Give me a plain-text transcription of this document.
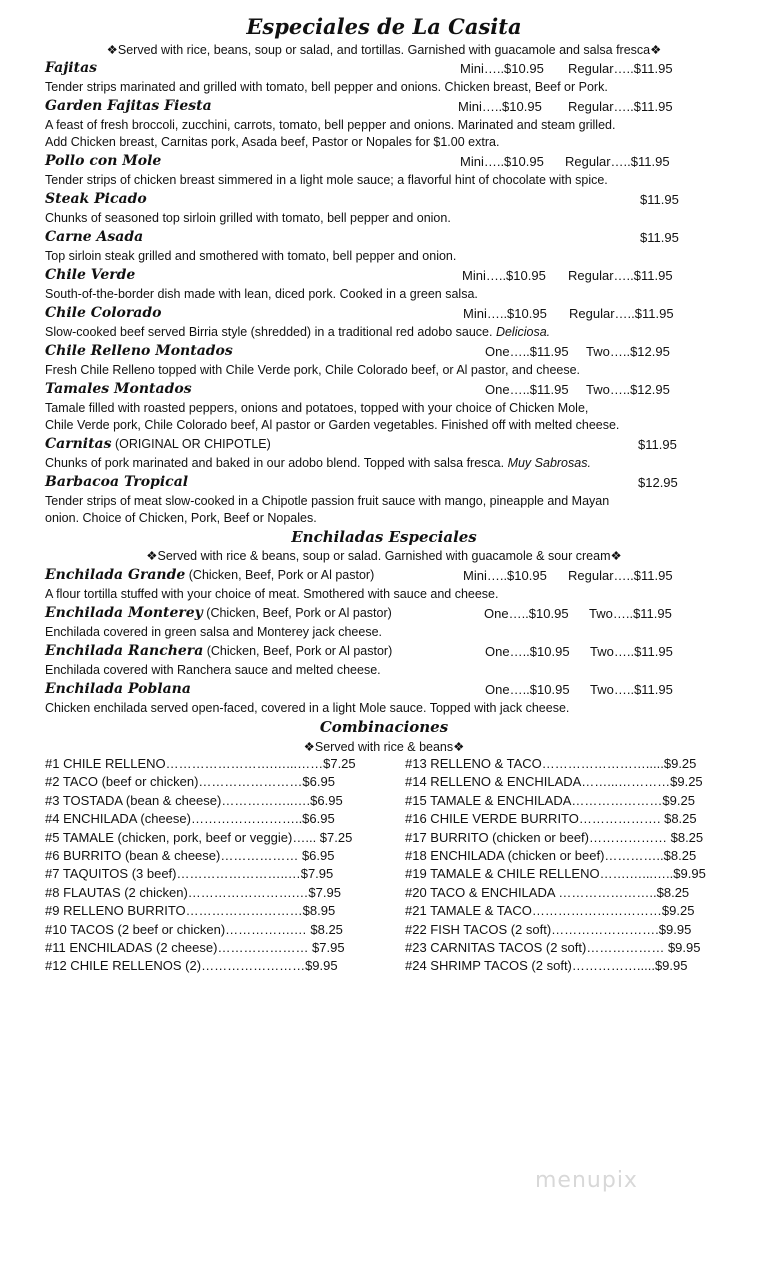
Especiales de La Casita
❖Served with rice, beans, soup or salad, and tortillas. Garnished with guacamole and salsa fresca❖
Fajitas	Mini…..$10.95 Regular…..$11.95
Tender strips marinated and grilled with tomato, bell pepper and onions. Chicken breast, Beef or Pork.
Garden Fajitas Fiesta	Mini…..$10.95 Regular…..$11.95
A feast of fresh broccoli, zucchini, carrots, tomato, bell pepper and onions. Marinated and steam grilled.
Add Chicken breast, Carnitas pork, Asada beef, Pastor or Nopales for $1.00 extra.
Pollo con Mole	Mini…..$10.95 Regular…..$11.95
Tender strips of chicken breast simmered in a light mole sauce; a flavorful hint of chocolate with spice.
Steak Picado	$11.95
Chunks of seasoned top sirloin grilled with tomato, bell pepper and onion.
Carne Asada	$11.95
Top sirloin steak grilled and smothered with tomato, bell pepper and onion.
Chile Verde	Mini…..$10.95 Regular…..$11.95
South-of-the-border dish made with lean, diced pork. Cooked in a green salsa.
Chile Colorado	Mini…..$10.95 Regular…..$11.95
Slow-cooked beef served Birria style (shredded) in a traditional red adobo sauce. Deliciosa.
Chile Relleno Montados	One…..$11.95 Two…..$12.95
Fresh Chile Relleno topped with Chile Verde pork, Chile Colorado beef, or Al pastor, and cheese.
Tamales Montados	One…..$11.95 Two…..$12.95
Tamale filled with roasted peppers, onions and potatoes, topped with your choice of Chicken Mole,
Chile Verde pork, Chile Colorado beef, Al pastor or Garden vegetables. Finished off with melted cheese.
Carnitas (ORIGINAL OR CHIPOTLE)	$11.95
Chunks of pork marinated and baked in our adobo blend. Topped with salsa fresca. Muy Sabrosas.
Barbacoa Tropical	$12.95
Tender strips of meat slow-cooked in a Chipotle passion fruit sauce with mango, pineapple and Mayan
onion. Choice of Chicken, Pork, Beef or Nopales.
Enchiladas Especiales
❖Served with rice & beans, soup or salad. Garnished with guacamole & sour cream❖
Enchilada Grande (Chicken, Beef, Pork or Al pastor)	Mini…..$10.95 Regular…..$11.95
A flour tortilla stuffed with your choice of meat. Smothered with sauce and cheese.
Enchilada Monterey (Chicken, Beef, Pork or Al pastor)	One…..$10.95 Two…..$11.95
Enchilada covered in green salsa and Monterey jack cheese.
Enchilada Ranchera (Chicken, Beef, Pork or Al pastor)	One…..$10.95 Two…..$11.95
Enchilada covered with Ranchera sauce and melted cheese.
Enchilada Poblana	One…..$10.95 Two…..$11.95
Chicken enchilada served open-faced, covered in a light Mole sauce. Topped with jack cheese.
Combinaciones
❖Served with rice & beans❖
#1 CHILE RELLENO…………………….…...……$7.25
#2 TACO (beef or chicken)……………………$6.95
#3 TOSTADA (bean & cheese)……………..….$6.95
#4 ENCHILADA (cheese)……………………..$6.95
#5 TAMALE (chicken, pork, beef or veggie)…... $7.25
#6 BURRITO (bean & cheese)……………… $6.95
#7 TAQUITOS (3 beef)……………………..…$7.95
#8 FLAUTAS (2 chicken)…………………….…$7.95
#9 RELLENO BURRITO………………………$8.95
#10 TACOS (2 beef or chicken)…………….… $8.25
#11 ENCHILADAS (2 cheese)………………… $7.95
#12 CHILE RELLENOS (2)……………………$9.95
#13 RELLENO & TACO…………………….....$9.25
#14 RELLENO & ENCHILADA……...…………$9.25
#15 TAMALE & ENCHILADA…………………$9.25
#16 CHILE VERDE BURRITO………………. $8.25
#17 BURRITO (chicken or beef)……………… $8.25
#18 ENCHILADA (chicken or beef)…………..$8.25
#19 TAMALE & CHILE RELLENO…….…...…..$9.95
#20 TACO & ENCHILADA …………………..$8.25
#21 TAMALE & TACO…………………………$9.25
#22 FISH TACOS (2 soft)…………………….$9.95
#23 CARNITAS TACOS (2 soft)……………… $9.95
#24 SHRIMP TACOS (2 soft)…………….....$9.95
menupix
